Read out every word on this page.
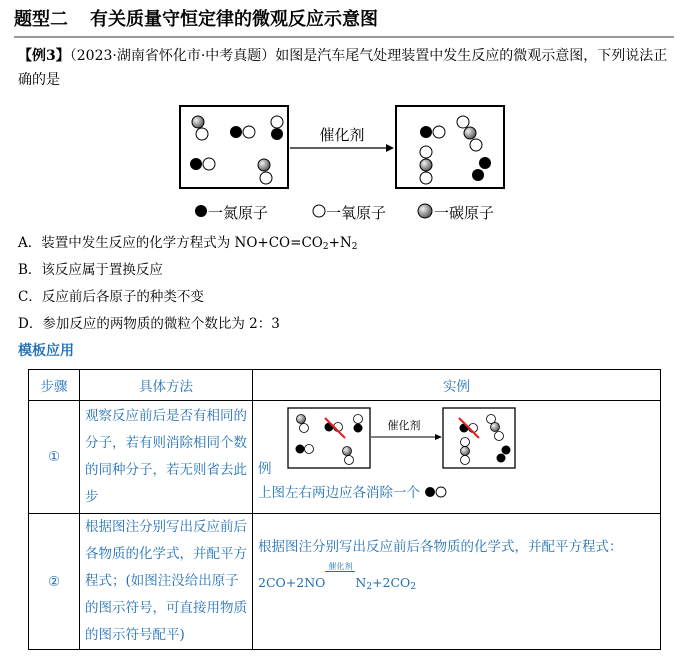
题型二 有关质量守恒定律的微观反应示意图
【例3】（2023·湖南省怀化市·中考真题）如图是汽车尾气处理装置中发生反应的微观示意图，下列说法正确的是
催化剂
一氮原子	一氧原子	一碳原子
A．装置中发生反应的化学方程式为 $NO+CO=CO_2+N_2$
B．该反应属于置换反应
C．反应前后各原子的种类不变
D．参加反应的两物质的微粒个数比为 2：3
模板应用
步骤	具体方法	实例
①	观察反应前后是否有相同的分子，若有则消除相同个数的同种分子，若无则省去此步	催化剂
例
上图左右两边应各消除一个

②	根据图注分别写出反应前后各物质的化学式，并配平方程式；(如图注没给出原子的图示符号，可直接用物质的图示符号配平)	根据图注分别写出反应前后各物质的化学式，并配平方程式：
2CO+2NO
催化剂
$N_2+2CO_2$
